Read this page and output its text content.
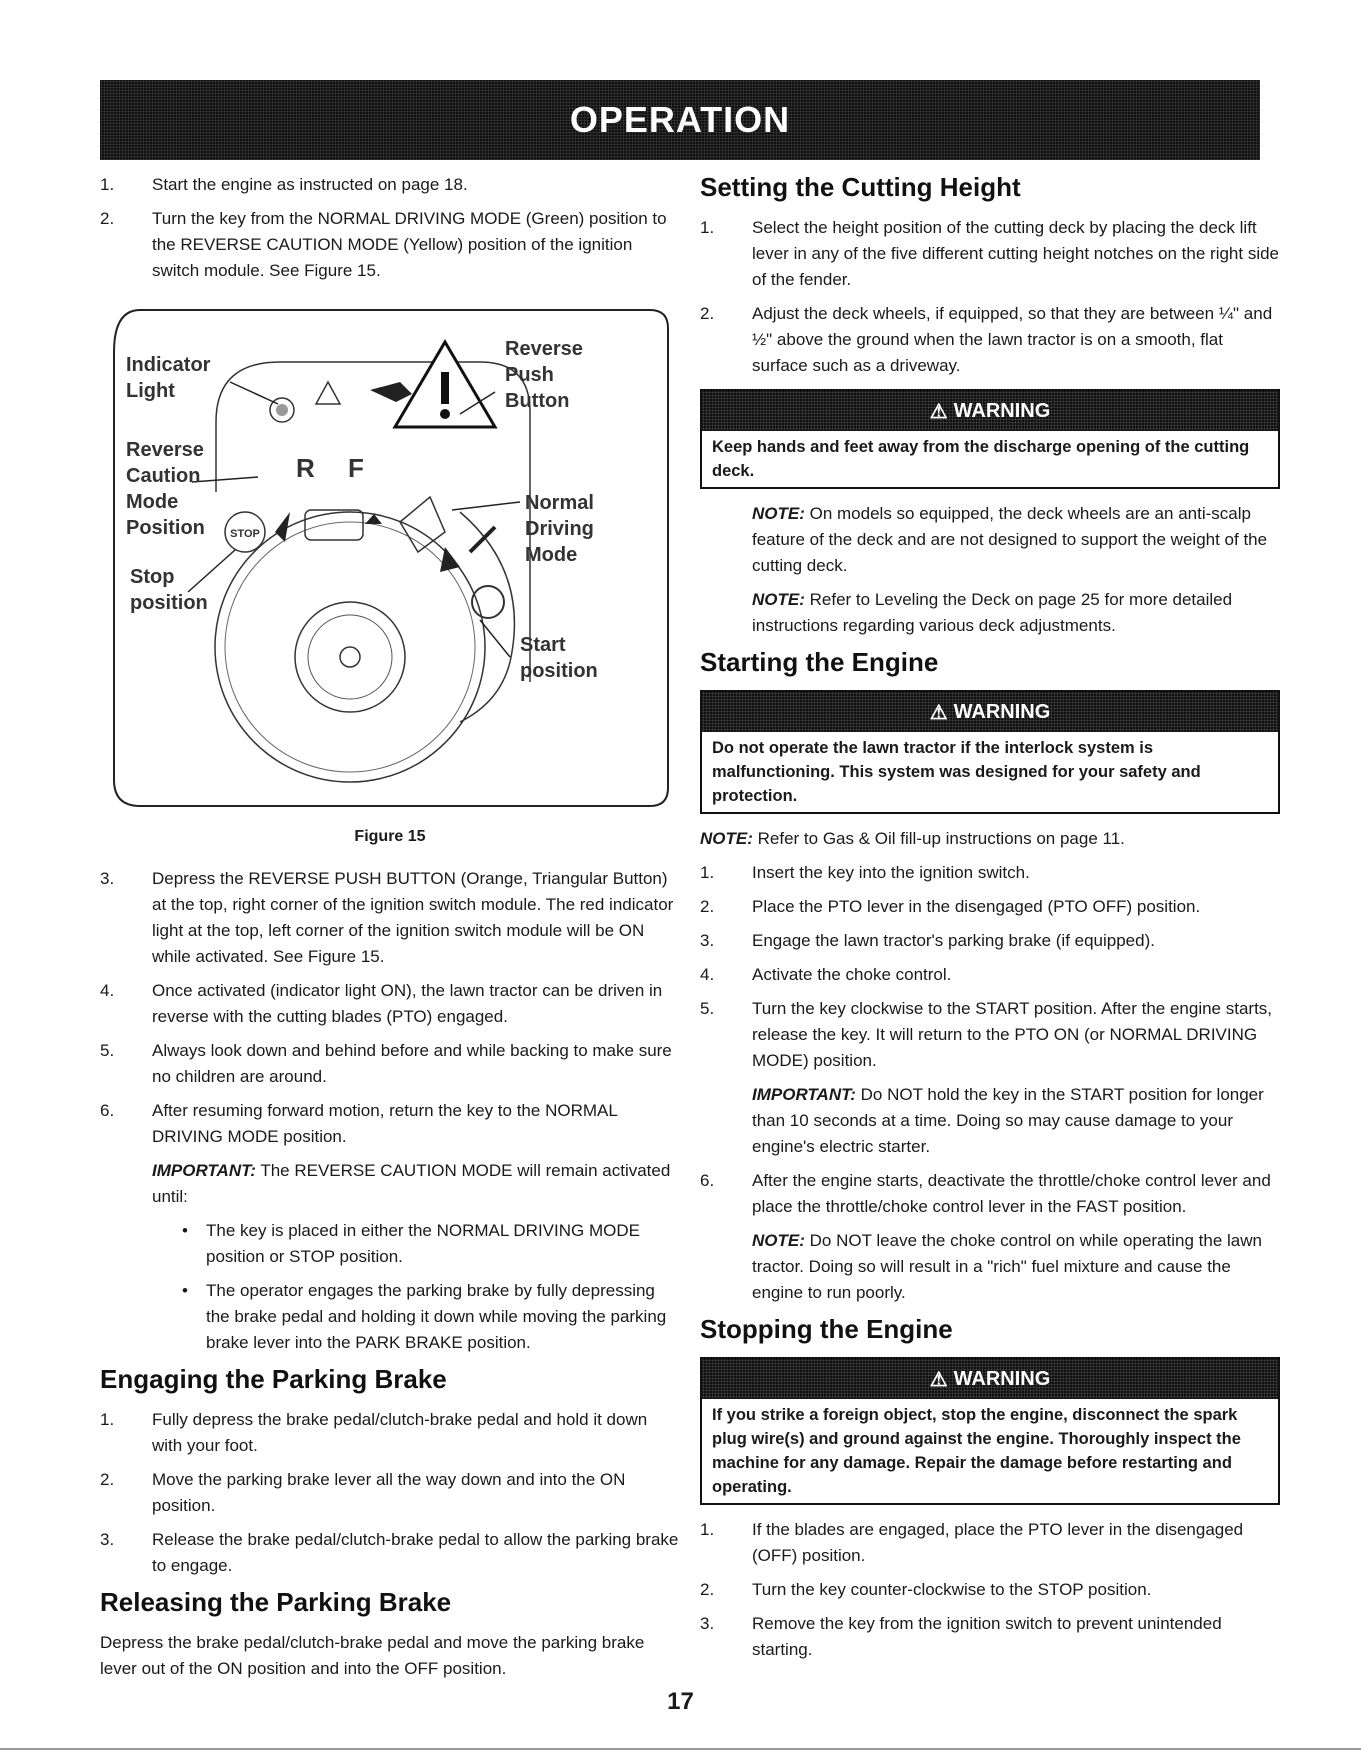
OPERATION
1. Start the engine as instructed on page 18.
2. Turn the key from the NORMAL DRIVING MODE (Green) position to the REVERSE CAUTION MODE (Yellow) position of the ignition switch module. See Figure 15.
R F
STOP
Indicator Light
Reverse Push Button
Reverse Caution Mode Position
Normal Driving Mode
Stop position
Start position
Figure 15
3. Depress the REVERSE PUSH BUTTON (Orange, Triangular Button) at the top, right corner of the ignition switch module. The red indicator light at the top, left corner of the ignition switch module will be ON while activated. See Figure 15.
4. Once activated (indicator light ON), the lawn tractor can be driven in reverse with the cutting blades (PTO) engaged.
5. Always look down and behind before and while backing to make sure no children are around.
6. After resuming forward motion, return the key to the NORMAL DRIVING MODE position.
IMPORTANT: The REVERSE CAUTION MODE will remain activated until:
• The key is placed in either the NORMAL DRIVING MODE position or STOP position.
• The operator engages the parking brake by fully depressing the brake pedal and holding it down while moving the parking brake lever into the PARK BRAKE position.
Engaging the Parking Brake
1. Fully depress the brake pedal/clutch-brake pedal and hold it down with your foot.
2. Move the parking brake lever all the way down and into the ON position.
3. Release the brake pedal/clutch-brake pedal to allow the parking brake to engage.
Releasing the Parking Brake
Depress the brake pedal/clutch-brake pedal and move the parking brake lever out of the ON position and into the OFF position.
Setting the Cutting Height
1. Select the height position of the cutting deck by placing the deck lift lever in any of the five different cutting height notches on the right side of the fender.
2. Adjust the deck wheels, if equipped, so that they are between ¼" and ½" above the ground when the lawn tractor is on a smooth, flat surface such as a driveway.
⚠ WARNING
Keep hands and feet away from the discharge opening of the cutting deck.
NOTE: On models so equipped, the deck wheels are an anti-scalp feature of the deck and are not designed to support the weight of the cutting deck.
NOTE: Refer to Leveling the Deck on page 25 for more detailed instructions regarding various deck adjustments.
Starting the Engine
⚠ WARNING
Do not operate the lawn tractor if the interlock system is malfunctioning. This system was designed for your safety and protection.
NOTE: Refer to Gas & Oil fill-up instructions on page 11.
1. Insert the key into the ignition switch.
2. Place the PTO lever in the disengaged (PTO OFF) position.
3. Engage the lawn tractor's parking brake (if equipped).
4. Activate the choke control.
5. Turn the key clockwise to the START position. After the engine starts, release the key. It will return to the PTO ON (or NORMAL DRIVING MODE) position.
IMPORTANT: Do NOT hold the key in the START position for longer than 10 seconds at a time. Doing so may cause damage to your engine's electric starter.
6. After the engine starts, deactivate the throttle/choke control lever and place the throttle/choke control lever in the FAST position.
NOTE: Do NOT leave the choke control on while operating the lawn tractor. Doing so will result in a "rich" fuel mixture and cause the engine to run poorly.
Stopping the Engine
⚠ WARNING
If you strike a foreign object, stop the engine, disconnect the spark plug wire(s) and ground against the engine. Thoroughly inspect the machine for any damage. Repair the damage before restarting and operating.
1. If the blades are engaged, place the PTO lever in the disengaged (OFF) position.
2. Turn the key counter-clockwise to the STOP position.
3. Remove the key from the ignition switch to prevent unintended starting.
17
